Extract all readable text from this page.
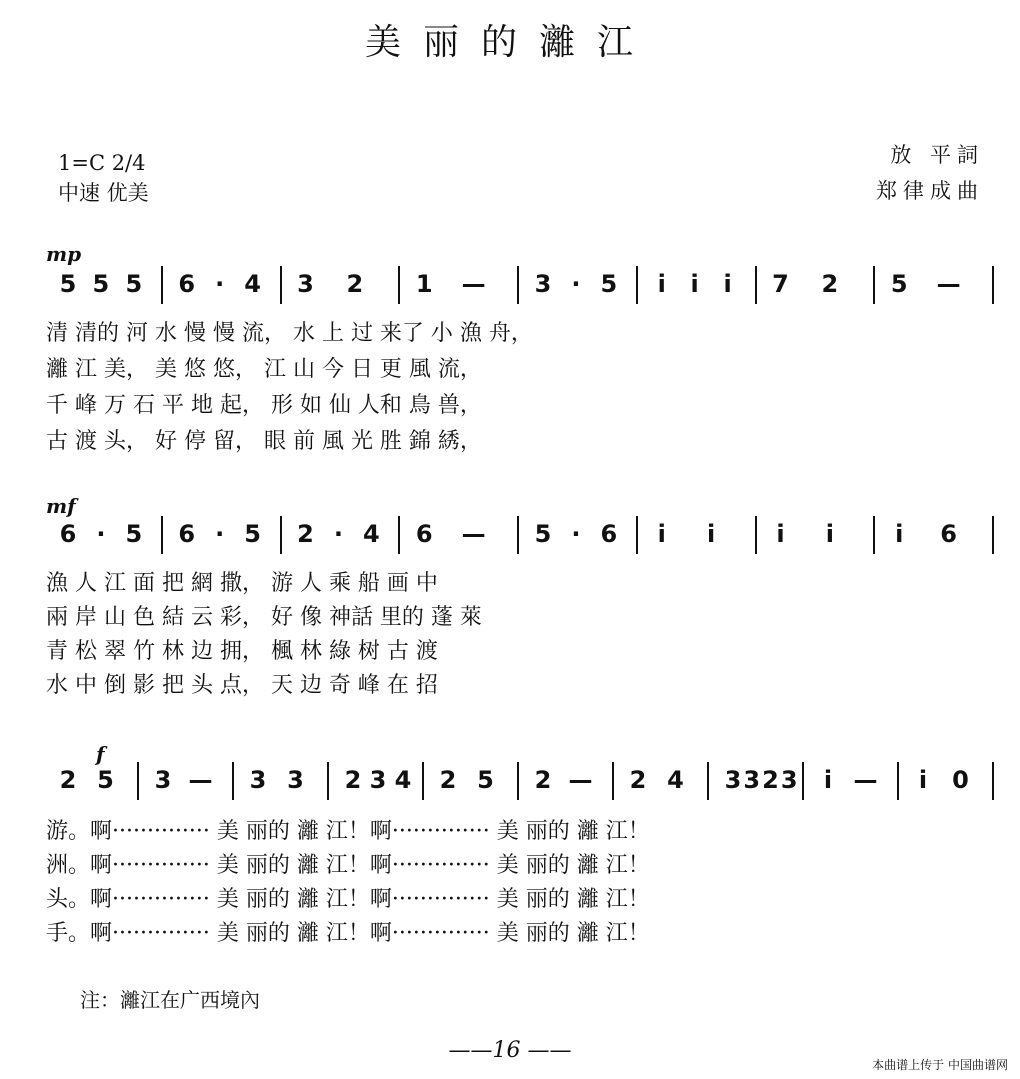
美丽的灕江
1=C 2/4
中速 优美
放 平詞
郑律成曲
mp
5 5 5 6 · 4 3 2 1 — 3 · 5	i	i	i	7 2 5 —
清 清的 河 水 慢 慢 流， 水 上 过 来了 小 漁 舟，
灕 江 美， 美 悠 悠， 江 山 今 日 更 風 流，
千 峰 万 石 平 地 起， 形 如 仙 人和 鳥 兽，
古 渡 头， 好 停 留， 眼 前 風 光 胜 錦 綉，
mf
6 · 5 6 · 5 2 · 4 6 — 5 · 6	i	i	i	i	i	6
漁 人 江 面 把 網 撒， 游 人 乘 船 画 中
兩 岸 山 色 結 云 彩， 好 像 神話 里的 蓬 萊
青 松 翠 竹 林 边 拥， 楓 林 綠 树 古 渡
水 中 倒 影 把 头 点， 天 边 奇 峰 在 招
f
2 5 3 — 3 3 2 3 4 2 5 2 — 2 4 3 3 2 3	i —	i	0
游。啊·············· 美 丽的 灕 江！啊·············· 美 丽的 灕 江！
洲。啊·············· 美 丽的 灕 江！啊·············· 美 丽的 灕 江！
头。啊·············· 美 丽的 灕 江！啊·············· 美 丽的 灕 江！
手。啊·············· 美 丽的 灕 江！啊·············· 美 丽的 灕 江！
注：灕江在广西境內
——16 ——
本曲谱上传于 中国曲谱网
